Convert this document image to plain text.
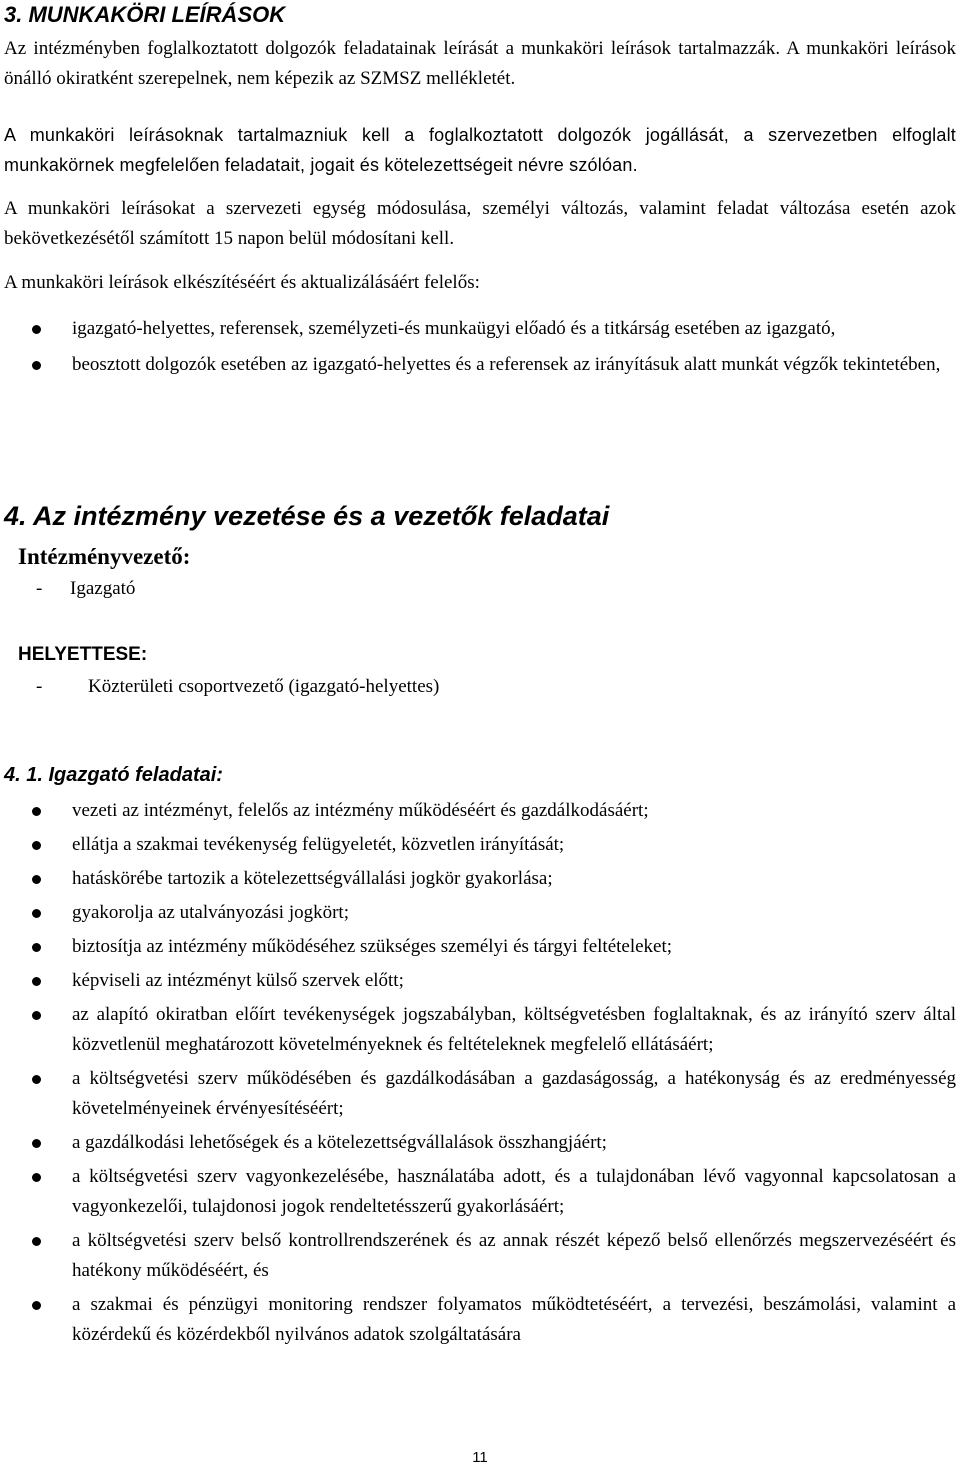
3. MUNKAKÖRI LEÍRÁSOK

Az intézményben foglalkoztatott dolgozók feladatainak leírását a munkaköri leírások tartalmazzák. A munkaköri leírások önálló okiratként szerepelnek, nem képezik az SZMSZ mellékletét.

A munkaköri leírásoknak tartalmazniuk kell a foglalkoztatott dolgozók jogállását, a szervezetben elfoglalt munkakörnek megfelelően feladatait, jogait és kötelezettségeit névre szólóan.

A munkaköri leírásokat a szervezeti egység módosulása, személyi változás, valamint feladat változása esetén azok bekövetkezésétől számított 15 napon belül módosítani kell.

A munkaköri leírások elkészítéséért és aktualizálásáért felelős:

igazgató-helyettes, referensek, személyzeti-és munkaügyi előadó és a titkárság esetében az igazgató,
beosztott dolgozók esetében az igazgató-helyettes és a referensek az irányításuk alatt munkát végzők tekintetében,
4. Az intézmény vezetése és a vezetők feladatai

Intézményvezető:

- Igazgató

HELYETTESE:

- Közterületi csoportvezető (igazgató-helyettes)

4. 1. Igazgató feladatai:
vezeti az intézményt, felelős az intézmény működéséért és gazdálkodásáért;
ellátja a szakmai tevékenység felügyeletét, közvetlen irányítását;
hatáskörébe tartozik a kötelezettségvállalási jogkör gyakorlása;
gyakorolja az utalványozási jogkört;
biztosítja az intézmény működéséhez szükséges személyi és tárgyi feltételeket;
képviseli az intézményt külső szervek előtt;
az alapító okiratban előírt tevékenységek jogszabályban, költségvetésben foglaltaknak, és az irányító szerv által közvetlenül meghatározott követelményeknek és feltételeknek megfelelő ellátásáért;
a költségvetési szerv működésében és gazdálkodásában a gazdaságosság, a hatékonyság és az eredményesség követelményeinek érvényesítéséért;
a gazdálkodási lehetőségek és a kötelezettségvállalások összhangjáért;
a költségvetési szerv vagyonkezelésébe, használatába adott, és a tulajdonában lévő vagyonnal kapcsolatosan a vagyonkezelői, tulajdonosi jogok rendeltetésszerű gyakorlásáért;
a költségvetési szerv belső kontrollrendszerének és az annak részét képező belső ellenőrzés megszervezéséért és hatékony működéséért, és
a szakmai és pénzügyi monitoring rendszer folyamatos működtetéséért, a tervezési, beszámolási, valamint a közérdekű és közérdekből nyilvános adatok szolgáltatására
11
